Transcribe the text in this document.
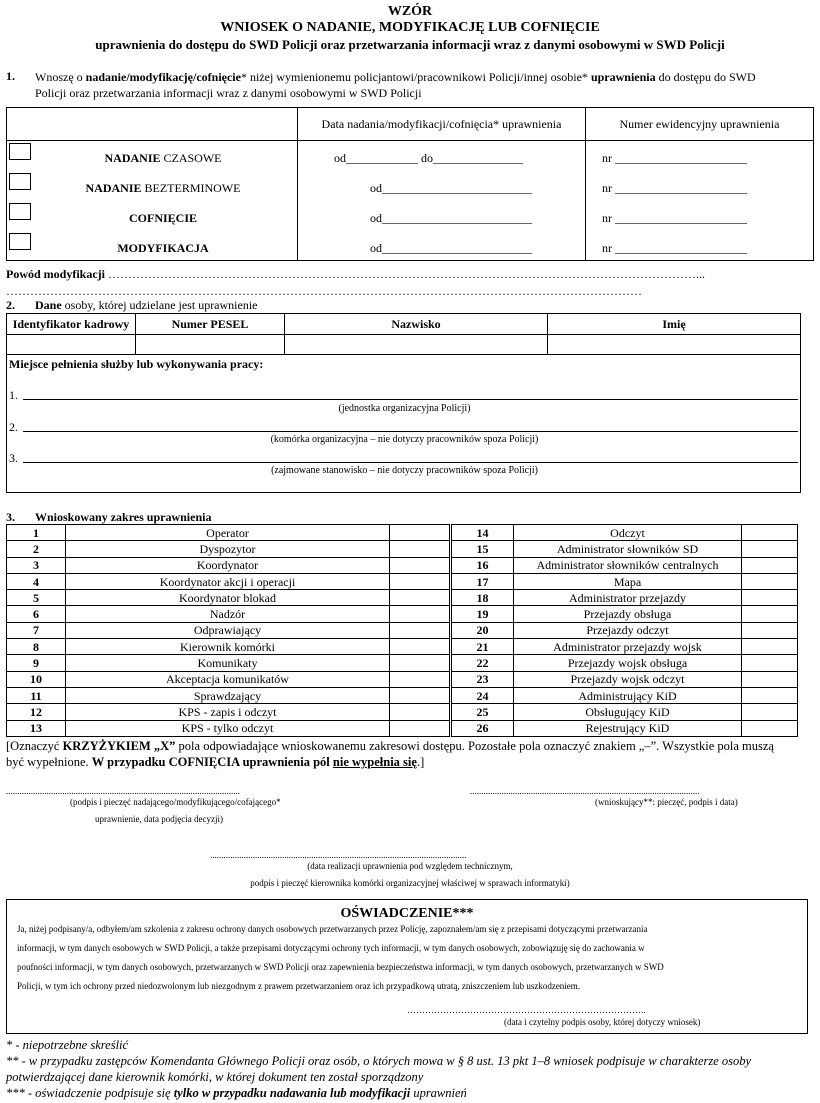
WZÓR
WNIOSEK O NADANIE, MODYFIKACJĘ LUB COFNIĘCIE
uprawnienia do dostępu do SWD Policji oraz przetwarzania informacji wraz z danymi osobowymi w SWD Policji
1. Wnoszę o nadanie/modyfikację/cofnięcie* niżej wymienionemu policjantowi/pracownikowi Policji/innej osobie* uprawnienia do dostępu do SWD
Policji oraz przetwarzania informacji wraz z danymi osobowymi w SWD Policji
	Data nadania/modyfikacji/cofnięcia* uprawnienia	Numer ewidencyjny uprawnienia

NADANIE CZASOWE	od____________ do_______________	nr ______________________

NADANIE BEZTERMINOWE	od_________________________	nr ______________________

COFNIĘCIE	od_________________________	nr ______________________

MODYFIKACJA	od_________________________	nr ______________________
Powód modyfikacji …………………………………………………………………………………………………………………………………...
……………………………………………………………………………………………………………………………………………
2. Dane osoby, której udzielane jest uprawnienie
Identyfikator kadrowy	Numer PESEL	Nazwisko	Imię

Miejsce pełnienia służby lub wykonywania pracy:
1.
(jednostka organizacyjna Policji)
2.
(komórka organizacyjna – nie dotyczy pracowników spoza Policji)
3.
(zajmowane stanowisko – nie dotyczy pracowników spoza Policji)
3. Wnioskowany zakres uprawnienia
1	Operator		14	Odczyt	
2	Dyspozytor		15	Administrator słowników SD	
3	Koordynator		16	Administrator słowników centralnych	
4	Koordynator akcji i operacji		17	Mapa	
5	Koordynator blokad		18	Administrator przejazdy	
6	Nadzór		19	Przejazdy obsługa	
7	Odprawiający		20	Przejazdy odczyt	
8	Kierownik komórki		21	Administrator przejazdy wojsk	
9	Komunikaty		22	Przejazdy wojsk obsługa	
10	Akceptacja komunikatów		23	Przejazdy wojsk odczyt	
11	Sprawdzający		24	Administrujący KiD	
12	KPS - zapis i odczyt		25	Obsługujący KiD	
13	KPS - tylko odczyt		26	Rejestrujący KiD	
[Oznaczyć KRZYŻYKIEM „X” pola odpowiadające wnioskowanemu zakresowi dostępu. Pozostałe pola oznaczyć znakiem „–”. Wszystkie pola muszą
być wypełnione. W przypadku COFNIĘCIA uprawnienia pól nie wypełnia się.]
........................................................................................................
(podpis i pieczęć nadającego/modyfikującego/cofającego*
uprawnienie, data podjęcia decyzji)
......................................................................................................
(wnioskujący**: pieczęć, podpis i data)
..................................................................................................................
(data realizacji uprawnienia pod względem technicznym,
podpis i pieczęć kierownika komórki organizacyjnej właściwej w sprawach informatyki)
OŚWIADCZENIE***
Ja, niżej podpisany/a, odbyłem/am szkolenia z zakresu ochrony danych osobowych przetwarzanych przez Policję, zapoznałem/am się z przepisami dotyczącymi przetwarzania
informacji, w tym danych osobowych w SWD Policji, a także przepisami dotyczącymi ochrony tych informacji, w tym danych osobowych, zobowiązuję się do zachowania w
poufności informacji, w tym danych osobowych, przetwarzanych w SWD Policji oraz zapewnienia bezpieczeństwa informacji, w tym danych osobowych, przetwarzanych w SWD
Policji, w tym ich ochrony przed niedozwolonym lub niezgodnym z prawem przetwarzaniem oraz ich przypadkową utratą, zniszczeniem lub uszkodzeniem.
……………………………………………………………………..
(data i czytelny podpis osoby, której dotyczy wniosek)
* - niepotrzebne skreślić
** - w przypadku zastępców Komendanta Głównego Policji oraz osób, o których mowa w § 8 ust. 13 pkt 1–8 wniosek podpisuje w charakterze osoby
potwierdzającej dane kierownik komórki, w której dokument ten został sporządzony
*** - oświadczenie podpisuje się tylko w przypadku nadawania lub modyfikacji uprawnień
